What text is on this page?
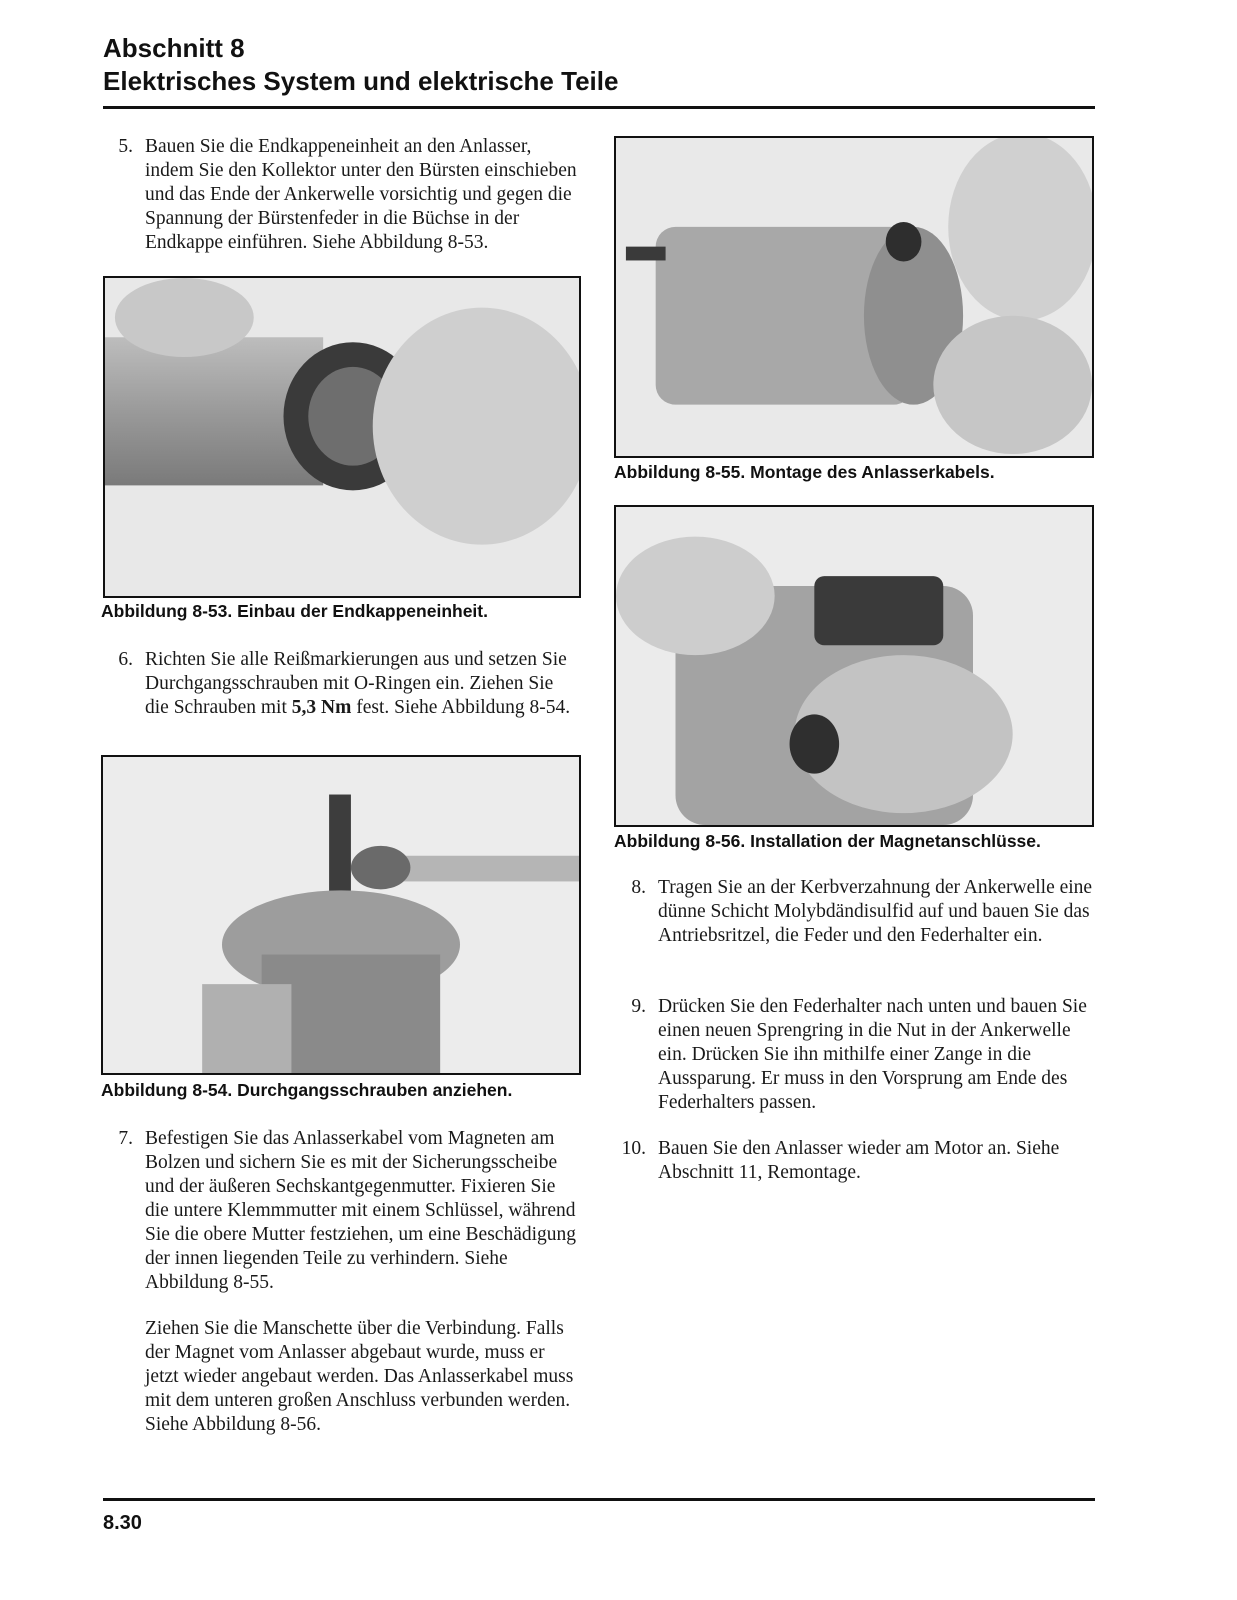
Abschnitt 8
Elektrisches System und elektrische Teile
5. Bauen Sie die Endkappeneinheit an den Anlasser, indem Sie den Kollektor unter den Bürsten einschieben und das Ende der Ankerwelle vorsichtig und gegen die Spannung der Bürstenfeder in die Büchse in der Endkappe einführen. Siehe Abbildung 8-53.
Abbildung 8-53. Einbau der Endkappeneinheit.
6. Richten Sie alle Reißmarkierungen aus und setzen Sie Durchgangsschrauben mit O-Ringen ein. Ziehen Sie die Schrauben mit 5,3 Nm fest. Siehe Abbildung 8-54.
Abbildung 8-54. Durchgangsschrauben anziehen.
7. Befestigen Sie das Anlasserkabel vom Magneten am Bolzen und sichern Sie es mit der Sicherungsscheibe und der äußeren Sechskantgegenmutter. Fixieren Sie die untere Klemmmutter mit einem Schlüssel, während Sie die obere Mutter festziehen, um eine Beschädigung der innen liegenden Teile zu verhindern. Siehe Abbildung 8-55.
Ziehen Sie die Manschette über die Verbindung. Falls der Magnet vom Anlasser abgebaut wurde, muss er jetzt wieder angebaut werden. Das Anlasserkabel muss mit dem unteren großen Anschluss verbunden werden. Siehe Abbildung 8-56.
Abbildung 8-55. Montage des Anlasserkabels.
Abbildung 8-56. Installation der Magnetanschlüsse.
8. Tragen Sie an der Kerbverzahnung der Ankerwelle eine dünne Schicht Molybdändisulfid auf und bauen Sie das Antriebsritzel, die Feder und den Federhalter ein.
9. Drücken Sie den Federhalter nach unten und bauen Sie einen neuen Sprengring in die Nut in der Ankerwelle ein. Drücken Sie ihn mithilfe einer Zange in die Aussparung. Er muss in den Vorsprung am Ende des Federhalters passen.
10. Bauen Sie den Anlasser wieder am Motor an. Siehe Abschnitt 11, Remontage.
8.30
